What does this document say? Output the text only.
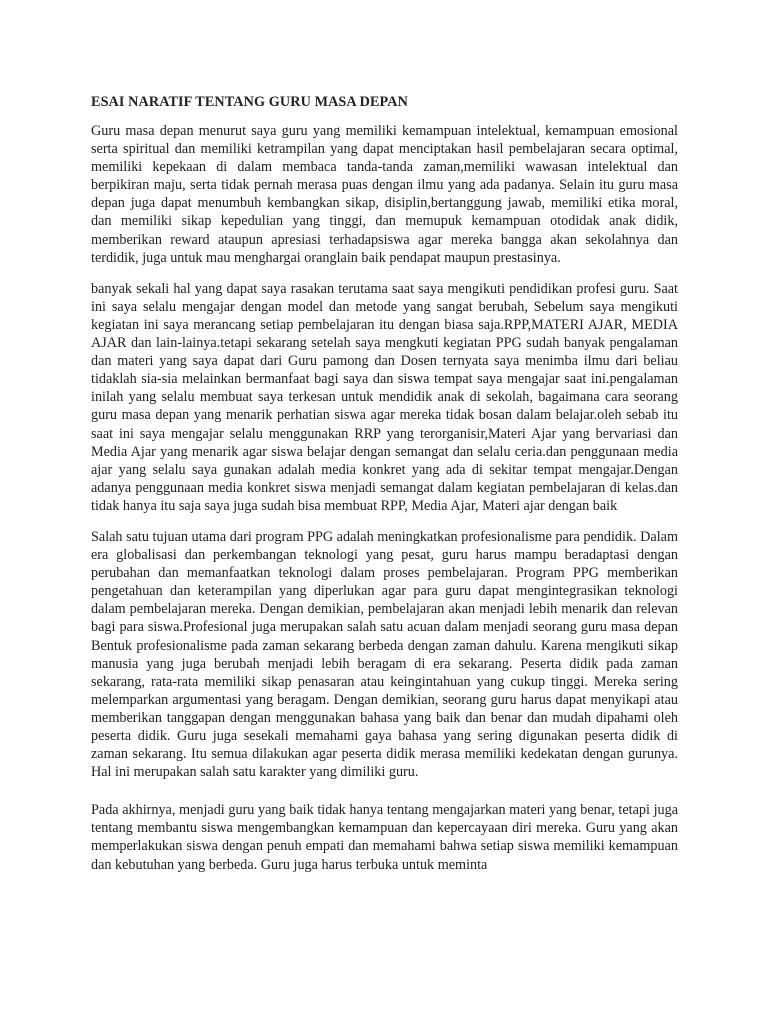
ESAI NARATIF TENTANG GURU MASA DEPAN

Guru masa depan menurut saya guru yang memiliki kemampuan intelektual, kemampuan emosional serta spiritual dan memiliki ketrampilan yang dapat menciptakan hasil pembelajaran secara optimal, memiliki kepekaan di dalam membaca tanda-tanda zaman,memiliki wawasan intelektual dan berpikiran maju, serta tidak pernah merasa puas dengan ilmu yang ada padanya. Selain itu guru masa depan juga dapat menumbuh kembangkan sikap, disiplin,bertanggung jawab, memiliki etika moral, dan memiliki sikap kepedulian yang tinggi, dan memupuk kemampuan otodidak anak didik, memberikan reward ataupun apresiasi terhadapsiswa agar mereka bangga akan sekolahnya dan terdidik, juga untuk mau menghargai oranglain baik pendapat maupun prestasinya.

banyak sekali hal yang dapat saya rasakan terutama saat saya mengikuti pendidikan profesi guru. Saat ini saya selalu mengajar dengan model dan metode yang sangat berubah, Sebelum saya mengikuti kegiatan ini saya merancang setiap pembelajaran itu dengan biasa saja.RPP,MATERI AJAR, MEDIA AJAR dan lain-lainya.tetapi sekarang setelah saya mengkuti kegiatan PPG sudah banyak pengalaman dan materi yang saya dapat dari Guru pamong dan Dosen ternyata saya menimba ilmu dari beliau tidaklah sia-sia melainkan bermanfaat bagi saya dan siswa tempat saya mengajar saat ini.pengalaman inilah yang selalu membuat saya terkesan untuk mendidik anak di sekolah, bagaimana cara seorang guru masa depan yang menarik perhatian siswa agar mereka tidak bosan dalam belajar.oleh sebab itu saat ini saya mengajar selalu menggunakan RRP yang terorganisir,Materi Ajar yang bervariasi dan Media Ajar yang menarik agar siswa belajar dengan semangat dan selalu ceria.dan penggunaan media ajar yang selalu saya gunakan adalah media konkret yang ada di sekitar tempat mengajar.Dengan adanya penggunaan media konkret siswa menjadi semangat dalam kegiatan pembelajaran di kelas.dan tidak hanya itu saja saya juga sudah bisa membuat RPP, Media Ajar, Materi ajar dengan baik

Salah satu tujuan utama dari program PPG adalah meningkatkan profesionalisme para pendidik. Dalam era globalisasi dan perkembangan teknologi yang pesat, guru harus mampu beradaptasi dengan perubahan dan memanfaatkan teknologi dalam proses pembelajaran. Program PPG memberikan pengetahuan dan keterampilan yang diperlukan agar para guru dapat mengintegrasikan teknologi dalam pembelajaran mereka. Dengan demikian, pembelajaran akan menjadi lebih menarik dan relevan bagi para siswa.Profesional juga merupakan salah satu acuan dalam menjadi seorang guru masa depan Bentuk profesionalisme pada zaman sekarang berbeda dengan zaman dahulu. Karena mengikuti sikap manusia yang juga berubah menjadi lebih beragam di era sekarang. Peserta didik pada zaman sekarang, rata-rata memiliki sikap penasaran atau keingintahuan yang cukup tinggi. Mereka sering melemparkan argumentasi yang beragam. Dengan demikian, seorang guru harus dapat menyikapi atau memberikan tanggapan dengan menggunakan bahasa yang baik dan benar dan mudah dipahami oleh peserta didik. Guru juga sesekali memahami gaya bahasa yang sering digunakan peserta didik di zaman sekarang. Itu semua dilakukan agar peserta didik merasa memiliki kedekatan dengan gurunya. Hal ini merupakan salah satu karakter yang dimiliki guru.

Pada akhirnya, menjadi guru yang baik tidak hanya tentang mengajarkan materi yang benar, tetapi juga tentang membantu siswa mengembangkan kemampuan dan kepercayaan diri mereka. Guru yang akan memperlakukan siswa dengan penuh empati dan memahami bahwa setiap siswa memiliki kemampuan dan kebutuhan yang berbeda. Guru juga harus terbuka untuk meminta
